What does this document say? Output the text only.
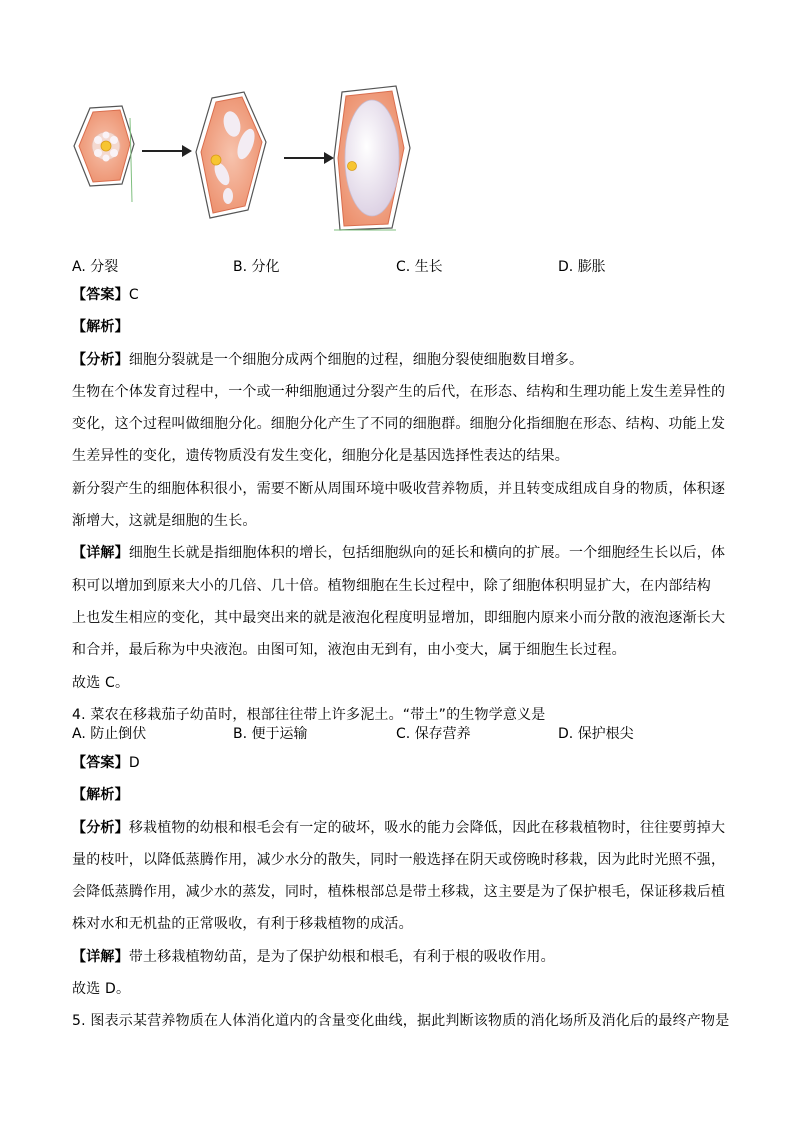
A. 分裂	B. 分化	C. 生长	D. 膨胀
【答案】C
【解析】
【分析】细胞分裂就是一个细胞分成两个细胞的过程，细胞分裂使细胞数目增多。
生物在个体发育过程中，一个或一种细胞通过分裂产生的后代，在形态、结构和生理功能上发生差异性的
变化，这个过程叫做细胞分化。细胞分化产生了不同的细胞群。细胞分化指细胞在形态、结构、功能上发
生差异性的变化，遗传物质没有发生变化，细胞分化是基因选择性表达的结果。
新分裂产生的细胞体积很小，需要不断从周围环境中吸收营养物质，并且转变成组成自身的物质，体积逐
渐增大，这就是细胞的生长。
【详解】细胞生长就是指细胞体积的增长，包括细胞纵向的延长和横向的扩展。一个细胞经生长以后，体
积可以增加到原来大小的几倍、几十倍。植物细胞在生长过程中，除了细胞体积明显扩大，在内部结构
上也发生相应的变化，其中最突出来的就是液泡化程度明显增加，即细胞内原来小而分散的液泡逐渐长大
和合并，最后称为中央液泡。由图可知，液泡由无到有，由小变大，属于细胞生长过程。
故选 C。
4. 菜农在移栽茄子幼苗时，根部往往带上许多泥土。“带土”的生物学意义是
A. 防止倒伏	B. 便于运输	C. 保存营养	D. 保护根尖
【答案】D
【解析】
【分析】移栽植物的幼根和根毛会有一定的破坏，吸水的能力会降低，因此在移栽植物时，往往要剪掉大
量的枝叶，以降低蒸腾作用，减少水分的散失，同时一般选择在阴天或傍晚时移栽，因为此时光照不强，
会降低蒸腾作用，减少水的蒸发，同时，植株根部总是带土移栽，这主要是为了保护根毛，保证移栽后植
株对水和无机盐的正常吸收，有利于移栽植物的成活。
【详解】带土移栽植物幼苗，是为了保护幼根和根毛，有利于根的吸收作用。
故选 D。
5. 图表示某营养物质在人体消化道内的含量变化曲线，据此判断该物质的消化场所及消化后的最终产物是
